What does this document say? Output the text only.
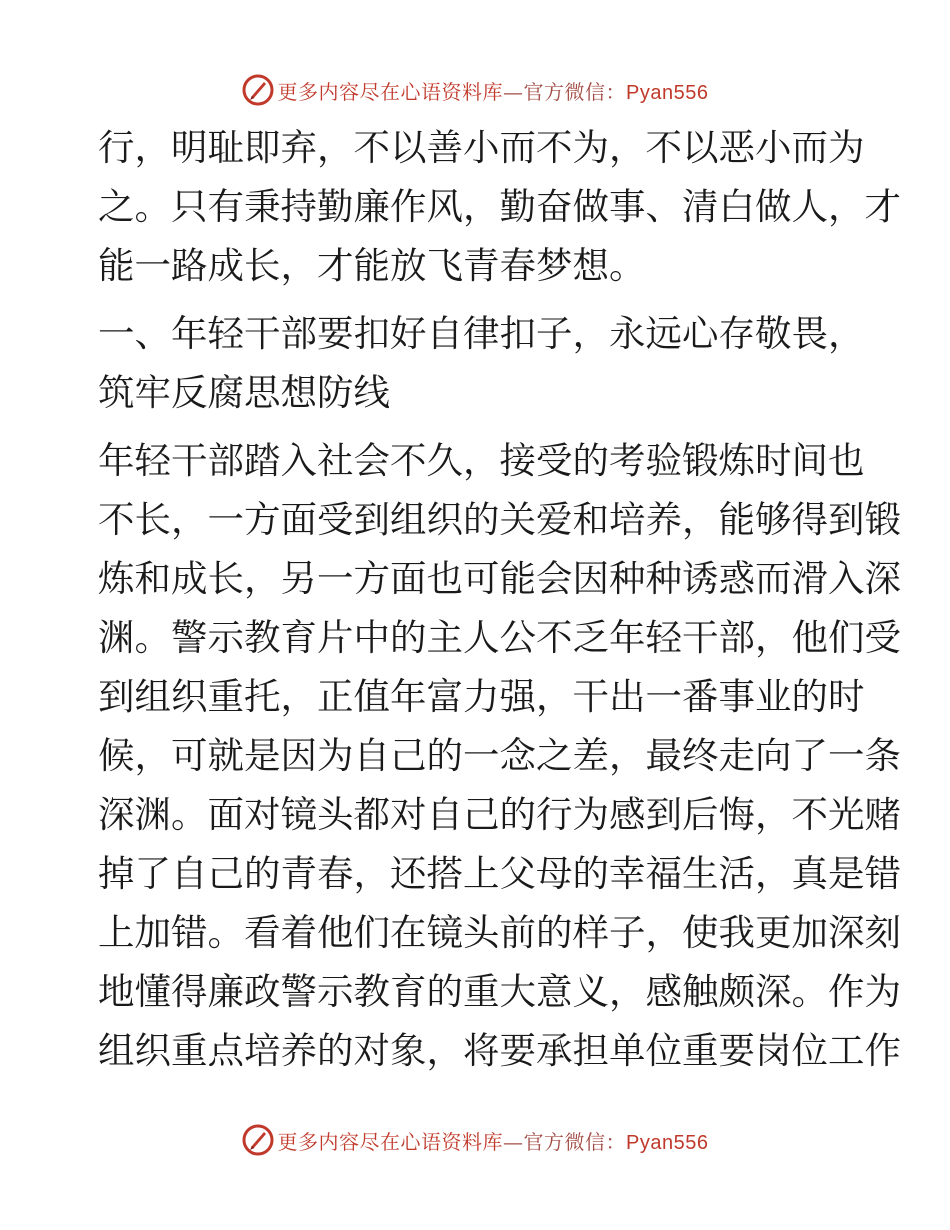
更多内容尽在心语资料库—官方微信：Pyan556

行，明耻即弃，不以善小而不为，不以恶小而为

之。只有秉持勤廉作风，勤奋做事、清白做人，才

能一路成长，才能放飞青春梦想。

一、年轻干部要扣好自律扣子，永远心存敬畏，

筑牢反腐思想防线

年轻干部踏入社会不久，接受的考验锻炼时间也

不长，一方面受到组织的关爱和培养，能够得到锻

炼和成长，另一方面也可能会因种种诱惑而滑入深

渊。警示教育片中的主人公不乏年轻干部，他们受

到组织重托，正值年富力强，干出一番事业的时

候，可就是因为自己的一念之差，最终走向了一条

深渊。面对镜头都对自己的行为感到后悔，不光赌

掉了自己的青春，还搭上父母的幸福生活，真是错

上加错。看着他们在镜头前的样子，使我更加深刻

地懂得廉政警示教育的重大意义，感触颇深。作为

组织重点培养的对象，将要承担单位重要岗位工作

更多内容尽在心语资料库—官方微信：Pyan556
